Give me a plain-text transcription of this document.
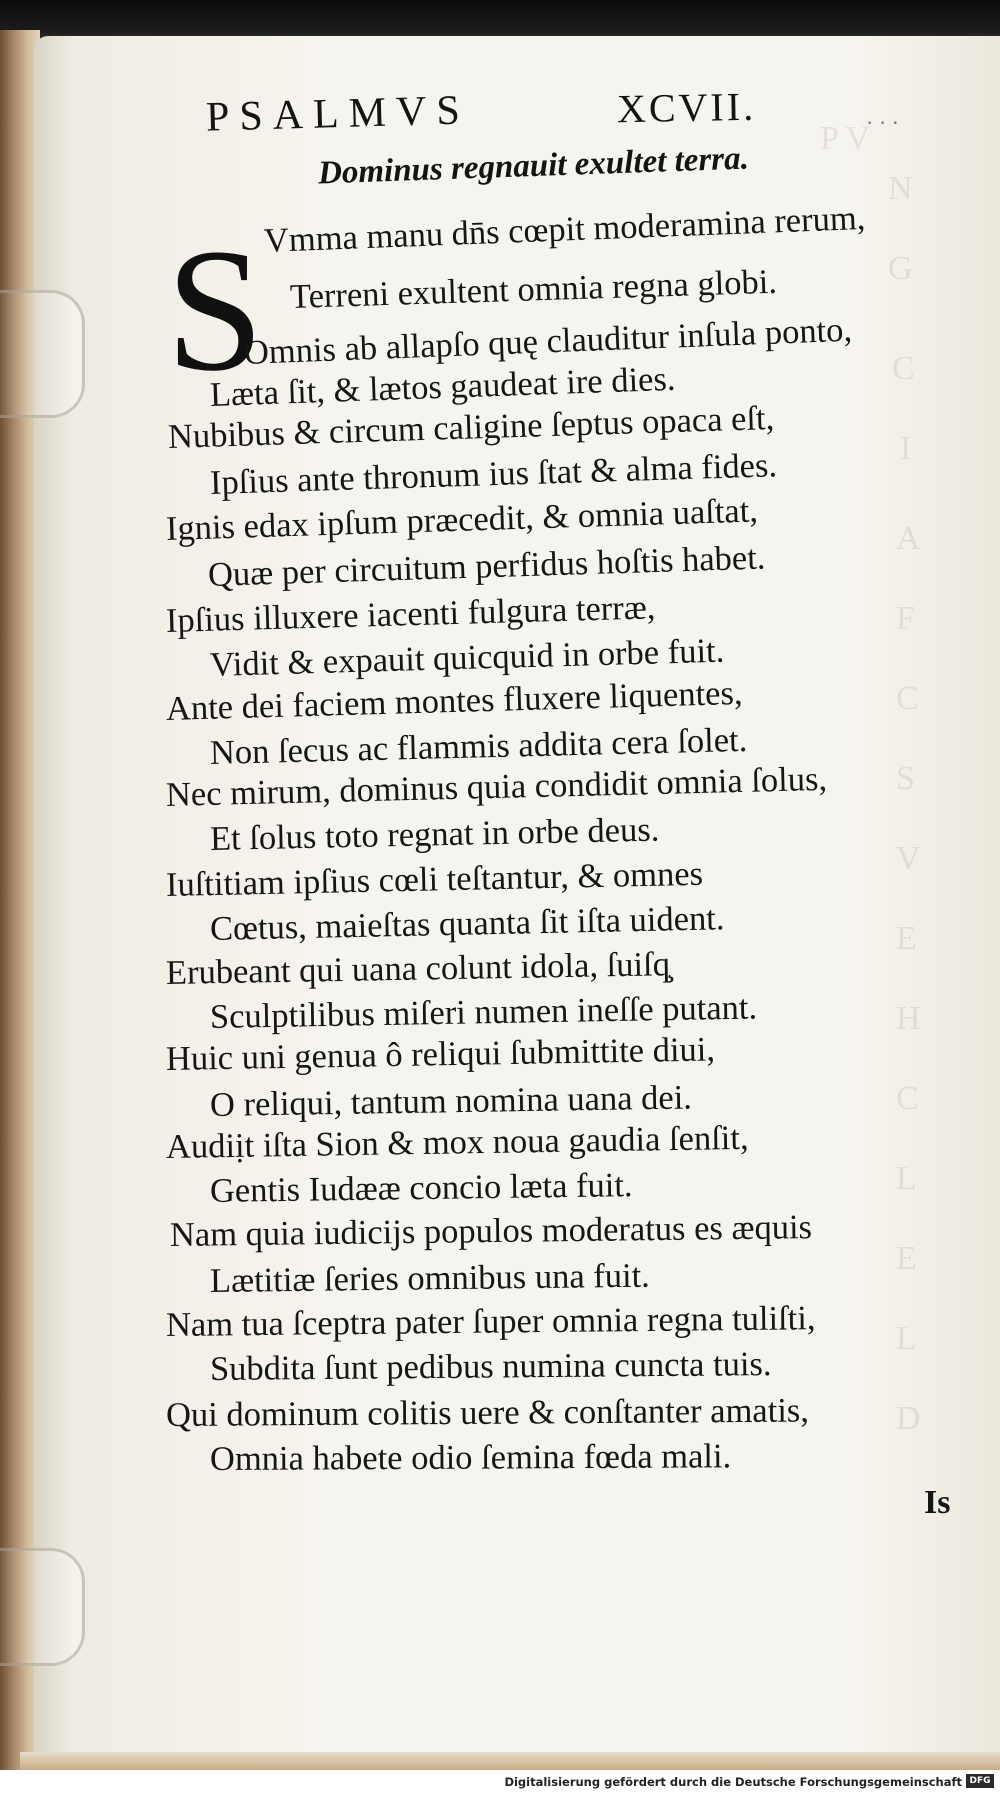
P V
N
G
C
I
A
F
C
S
V
E
H
C
L
E
L
D
PSALMVS	XCVII.	· · ·
Dominus regnauit exultet terra.
S Vmma manu dn̄s cœpit moderamina rerum,
Terreni exultent omnia regna globi.
Omnis ab allapſo quę clauditur inſula ponto,
Læta ſit, & lætos gaudeat ire dies.
Nubibus & circum caligine ſeptus opaca eſt,
Ipſius ante thronum ius ſtat & alma fides.
Ignis edax ipſum præcedit, & omnia uaſtat,
Quæ per circuitum perfidus hoſtis habet.
Ipſius illuxere iacenti fulgura terræ,
Vidit & expauit quicquid in orbe fuit.
Ante dei faciem montes fluxere liquentes,
Non ſecus ac flammis addita cera ſolet.
Nec mirum, dominus quia condidit omnia ſolus,
Et ſolus toto regnat in orbe deus.
Iuſtitiam ipſius cœli teſtantur, & omnes
Cœtus, maieſtas quanta ſit iſta uident.
Erubeant qui uana colunt idola, ſuiſq̧
Sculptilibus miſeri numen ineſſe putant.
Huic uni genua ô reliqui ſubmittite diui,
O reliqui, tantum nomina uana dei.
Audiịt iſta Sion & mox noua gaudia ſenſit,
Gentis Iudææ concio læta fuit.
Nam quia iudicijs populos moderatus es æquis
Lætitiæ ſeries omnibus una fuit.
Nam tua ſceptra pater ſuper omnia regna tuliſti,
Subdita ſunt pedibus numina cuncta tuis.
Qui dominum colitis uere & conſtanter amatis,
Omnia habete odio ſemina fœda mali.
Is
Digitalisierung gefördert durch die Deutsche Forschungsgemeinschaft DFG
